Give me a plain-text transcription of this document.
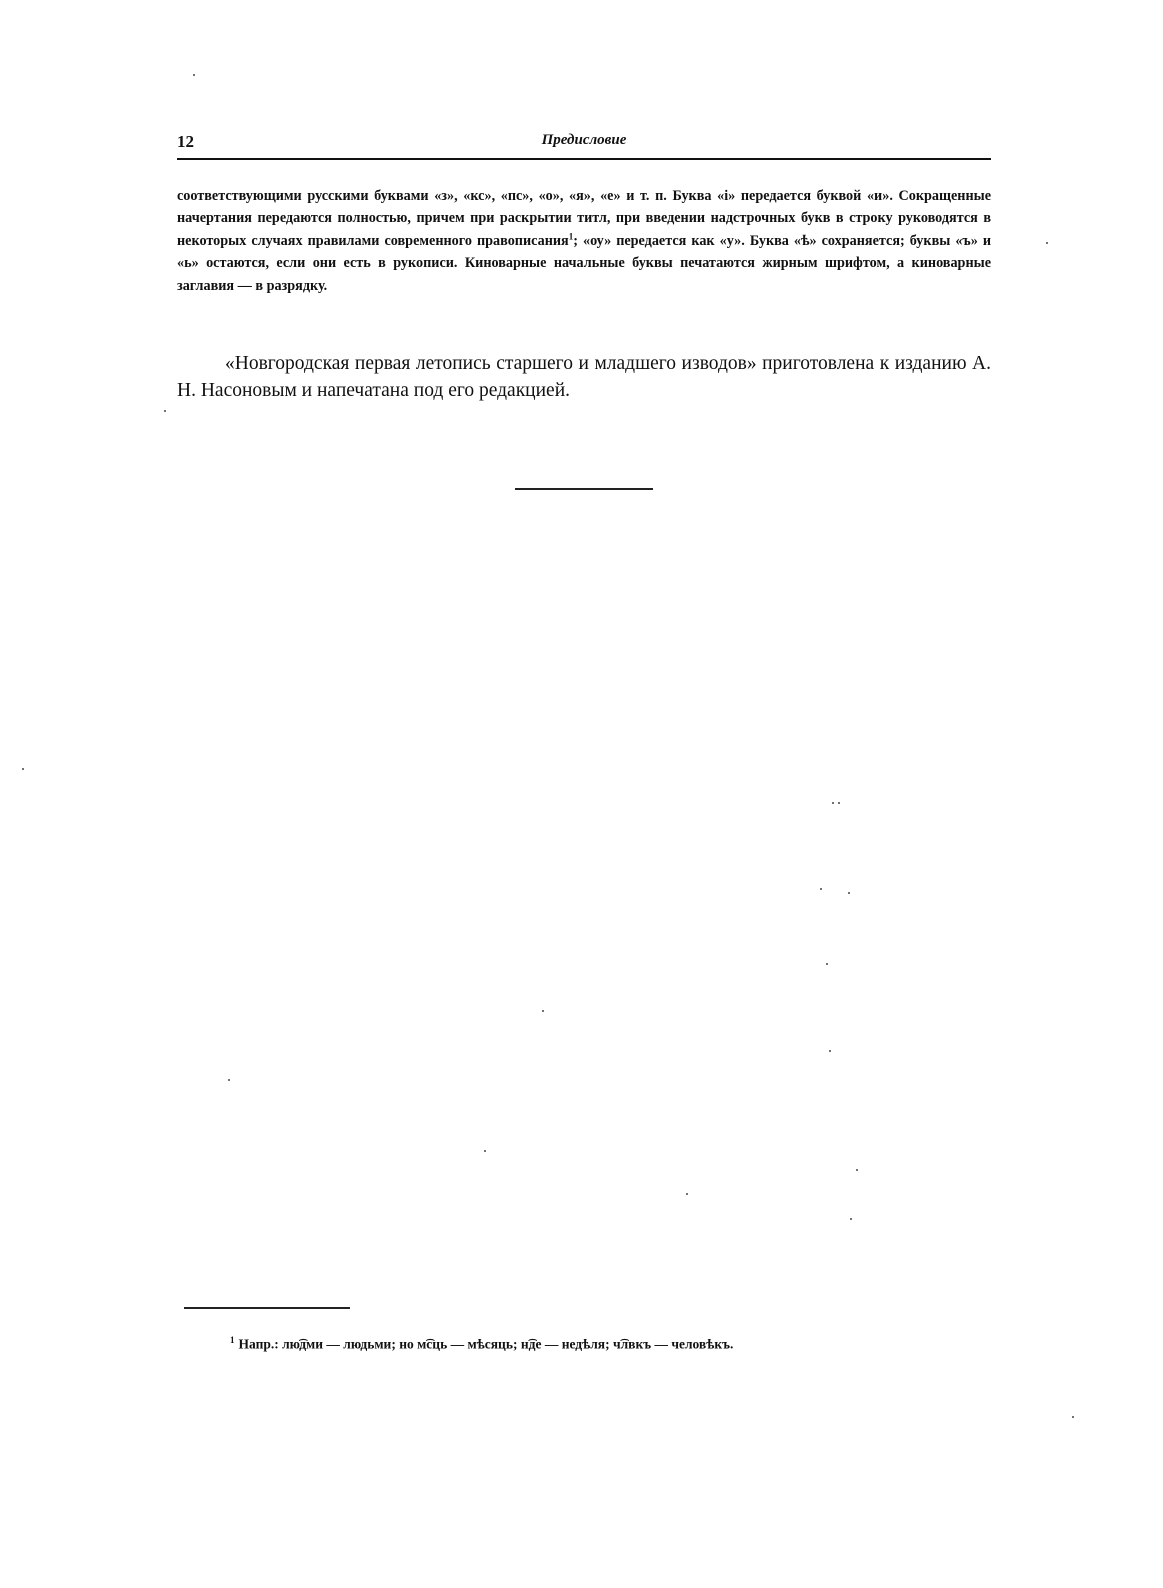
12	Предисловие

соответствующими русскими буквами «з», «кс», «пс», «о», «я», «е» и т. п. Буква «і» передается буквой «и». Сокращенные начертания передаются полностью, причем при раскрытии титл, при введении надстрочных букв в строку руководятся в некоторых случаях правилами современного правописания$^1$; «оу» передается как «у». Буква «ѣ» сохраняется; буквы «ъ» и «ь» остаются, если они есть в рукописи. Киноварные начальные буквы печатаются жирным шрифтом, а киноварные заглавия — в разрядку.

«Новгородская первая летопись старшего и младшего изводов» приготовлена к изданию А. Н. Насоновым и напечатана под его редакцией.

$^1$ Напр.: лю͡дми — людьми; но м͡сць — мѣсяць; н͡де — недѣля; ч͡лвкъ — человѣкъ.
